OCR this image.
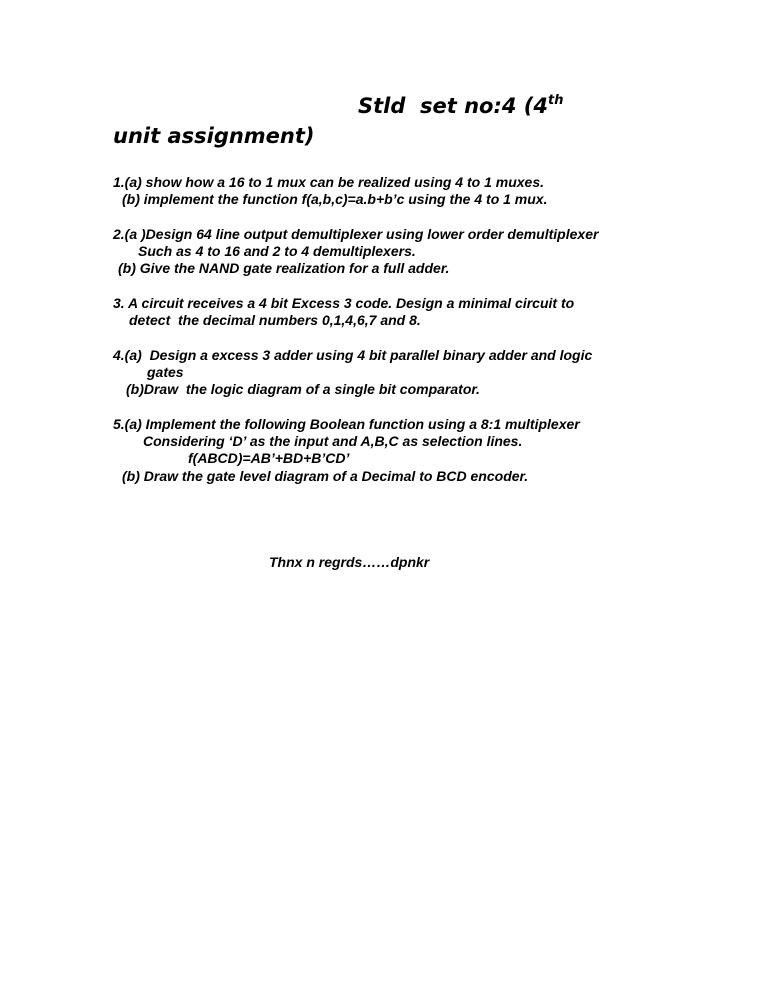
Stld  set no:4 (4th
unit assignment)
1.(a) show how a 16 to 1 mux can be realized using 4 to 1 muxes.
(b) implement the function f(a,b,c)=a.b+b’c using the 4 to 1 mux.
2.(a )Design 64 line output demultiplexer using lower order demultiplexer
Such as 4 to 16 and 2 to 4 demultiplexers.
(b) Give the NAND gate realization for a full adder.
3. A circuit receives a 4 bit Excess 3 code. Design a minimal circuit to
detect  the decimal numbers 0,1,4,6,7 and 8.
4.(a)  Design a excess 3 adder using 4 bit parallel binary adder and logic
gates
(b)Draw  the logic diagram of a single bit comparator.
5.(a) Implement the following Boolean function using a 8:1 multiplexer
Considering ‘D’ as the input and A,B,C as selection lines.
f(ABCD)=AB’+BD+B’CD’
(b) Draw the gate level diagram of a Decimal to BCD encoder.
Thnx n regrds……dpnkr
